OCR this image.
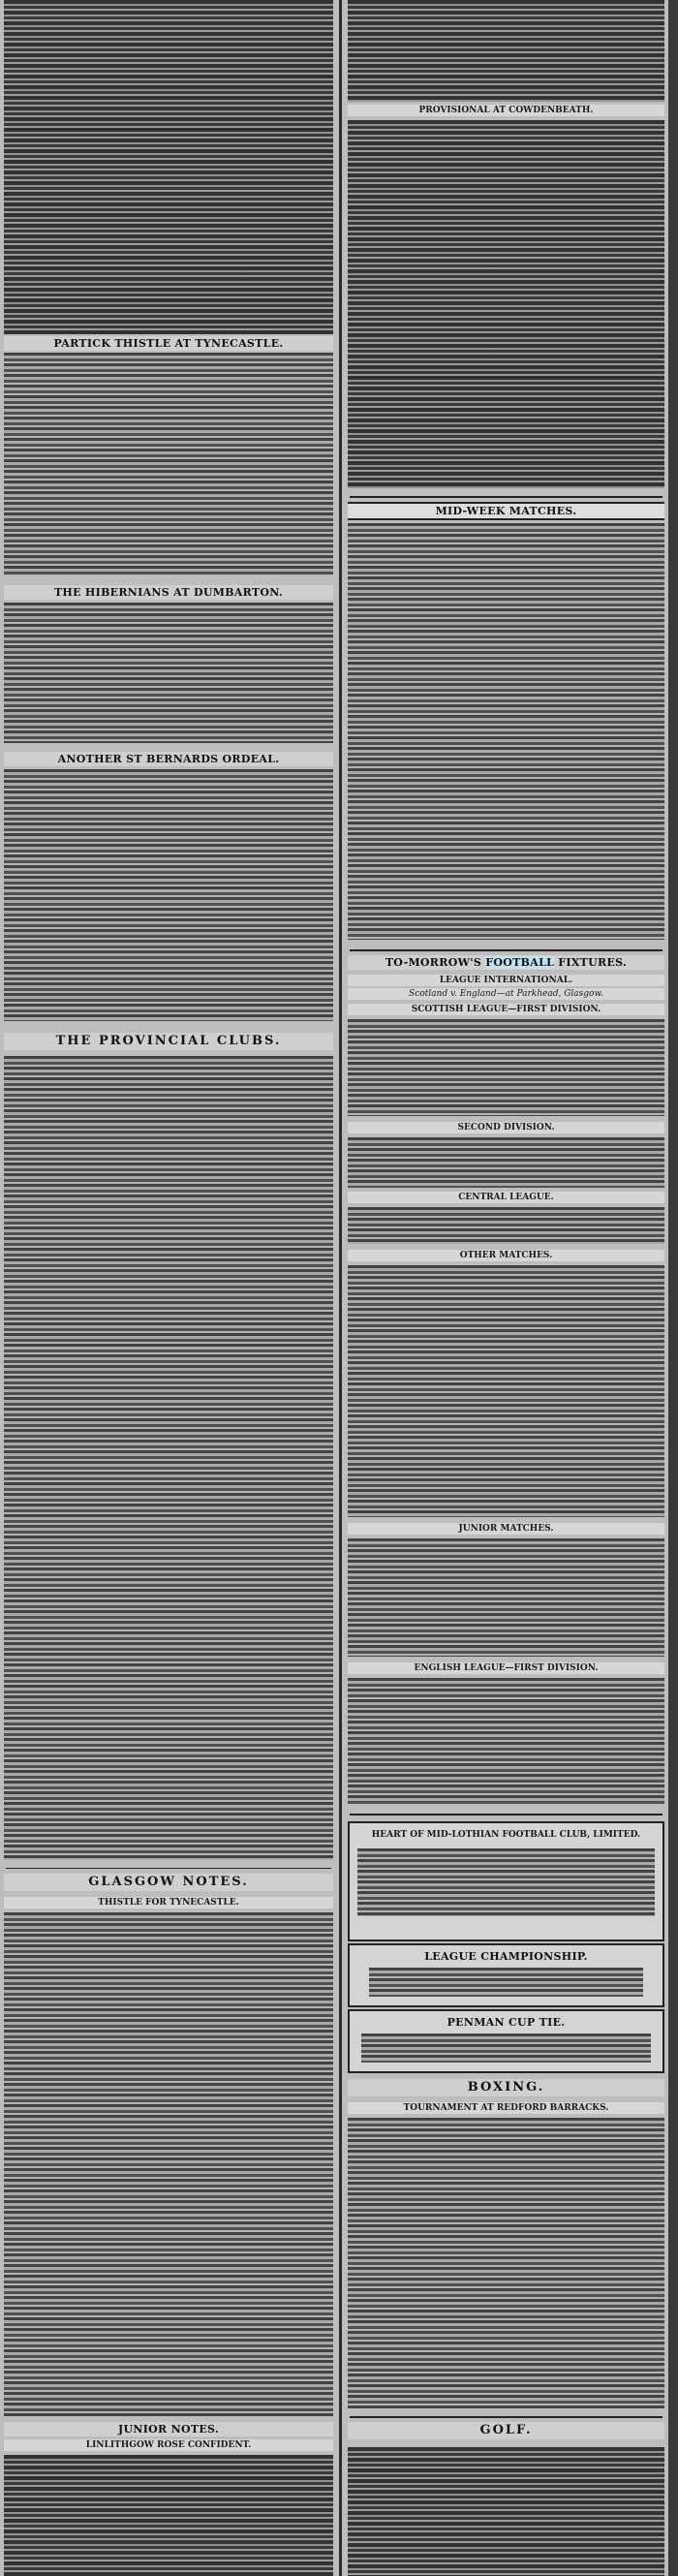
PARTICK THISTLE AT TYNECASTLE.
THE HIBERNIANS AT DUMBARTON.
ANOTHER ST BERNARDS ORDEAL.
THE PROVINCIAL CLUBS.
GLASGOW NOTES.
THISTLE FOR TYNECASTLE.
JUNIOR NOTES.
LINLITHGOW ROSE CONFIDENT.
PROVISIONAL AT COWDENBEATH.
MID-WEEK MATCHES.
TO-MORROW'S FOOTBALL FIXTURES.
LEAGUE INTERNATIONAL.
Scotland v. England—at Parkhead, Glasgow.
SCOTTISH LEAGUE—FIRST DIVISION.
SECOND DIVISION.
CENTRAL LEAGUE.
OTHER MATCHES.
JUNIOR MATCHES.
ENGLISH LEAGUE—FIRST DIVISION.
HEART OF MID-LOTHIAN FOOTBALL CLUB, LIMITED.
LEAGUE CHAMPIONSHIP.
PENMAN CUP TIE.
BOXING.
TOURNAMENT AT REDFORD BARRACKS.
GOLF.
